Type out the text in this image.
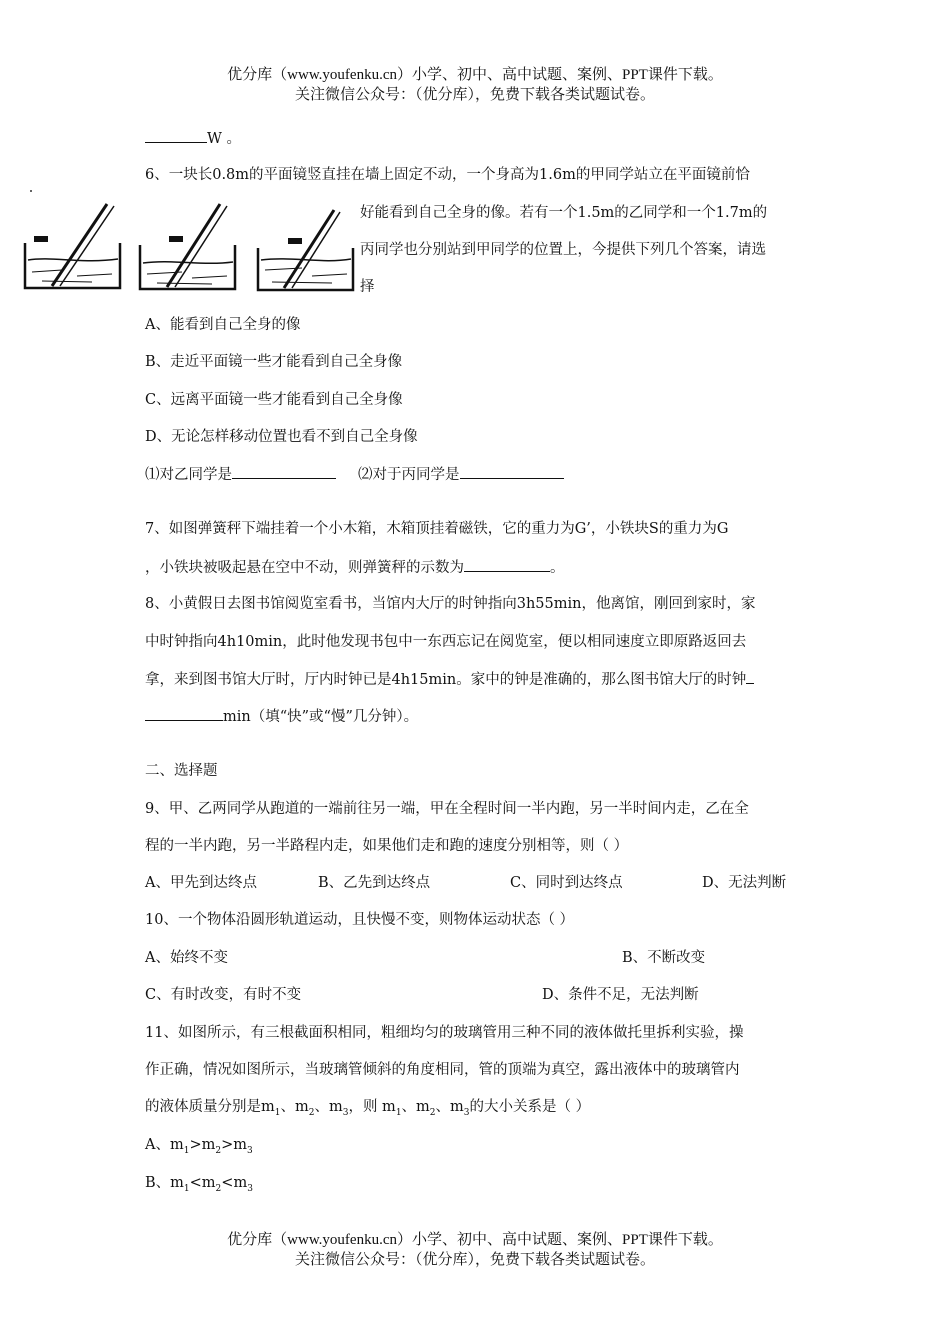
优分库（www.youfenku.cn）小学、初中、高中试题、案例、PPT课件下载。
关注微信公众号：（优分库），免费下载各类试题试卷。
W 。
6、一块长0.8m的平面镜竖直挂在墙上固定不动，一个身高为1.6m的甲同学站立在平面镜前恰
好能看到自己全身的像。若有一个1.5m的乙同学和一个1.7m的
丙同学也分别站到甲同学的位置上，今提供下列几个答案，请选
择
A、能看到自己全身的像
B、走近平面镜一些才能看到自己全身像
C、远离平面镜一些才能看到自己全身像
D、无论怎样移动位置也看不到自己全身像
⑴对乙同学是	⑵对于丙同学是
7、如图弹簧秤下端挂着一个小木箱，木箱顶挂着磁铁，它的重力为G’，小铁块S的重力为G
，小铁块被吸起悬在空中不动，则弹簧秤的示数为	。
8、小黄假日去图书馆阅览室看书，当馆内大厅的时钟指向3h55min，他离馆，刚回到家时，家
中时钟指向4h10min，此时他发现书包中一东西忘记在阅览室，便以相同速度立即原路返回去
拿，来到图书馆大厅时，厅内时钟已是4h15min。家中的钟是准确的，那么图书馆大厅的时钟
min（填“快”或“慢”几分钟）。
二、选择题
9、甲、乙两同学从跑道的一端前往另一端，甲在全程时间一半内跑，另一半时间内走，乙在全
程的一半内跑，另一半路程内走，如果他们走和跑的速度分别相等，则（ ）
A、甲先到达终点	B、乙先到达终点	C、同时到达终点	D、无法判断
10、一个物体沿圆形轨道运动，且快慢不变，则物体运动状态（ ）
A、始终不变	B、不断改变
C、有时改变，有时不变	D、条件不足，无法判断
11、如图所示，有三根截面积相同，粗细均匀的玻璃管用三种不同的液体做托里拆利实验，操
作正确，情况如图所示，当玻璃管倾斜的角度相同，管的顶端为真空，露出液体中的玻璃管内
的液体质量分别是$m_1$、$m_2$、$m_3$，则 $m_1$、$m_2$、$m_3$的大小关系是（ ）
A、$m_1>m_2>m_3$
B、$m_1<m_2<m_3$
优分库（www.youfenku.cn）小学、初中、高中试题、案例、PPT课件下载。
关注微信公众号：（优分库），免费下载各类试题试卷。
